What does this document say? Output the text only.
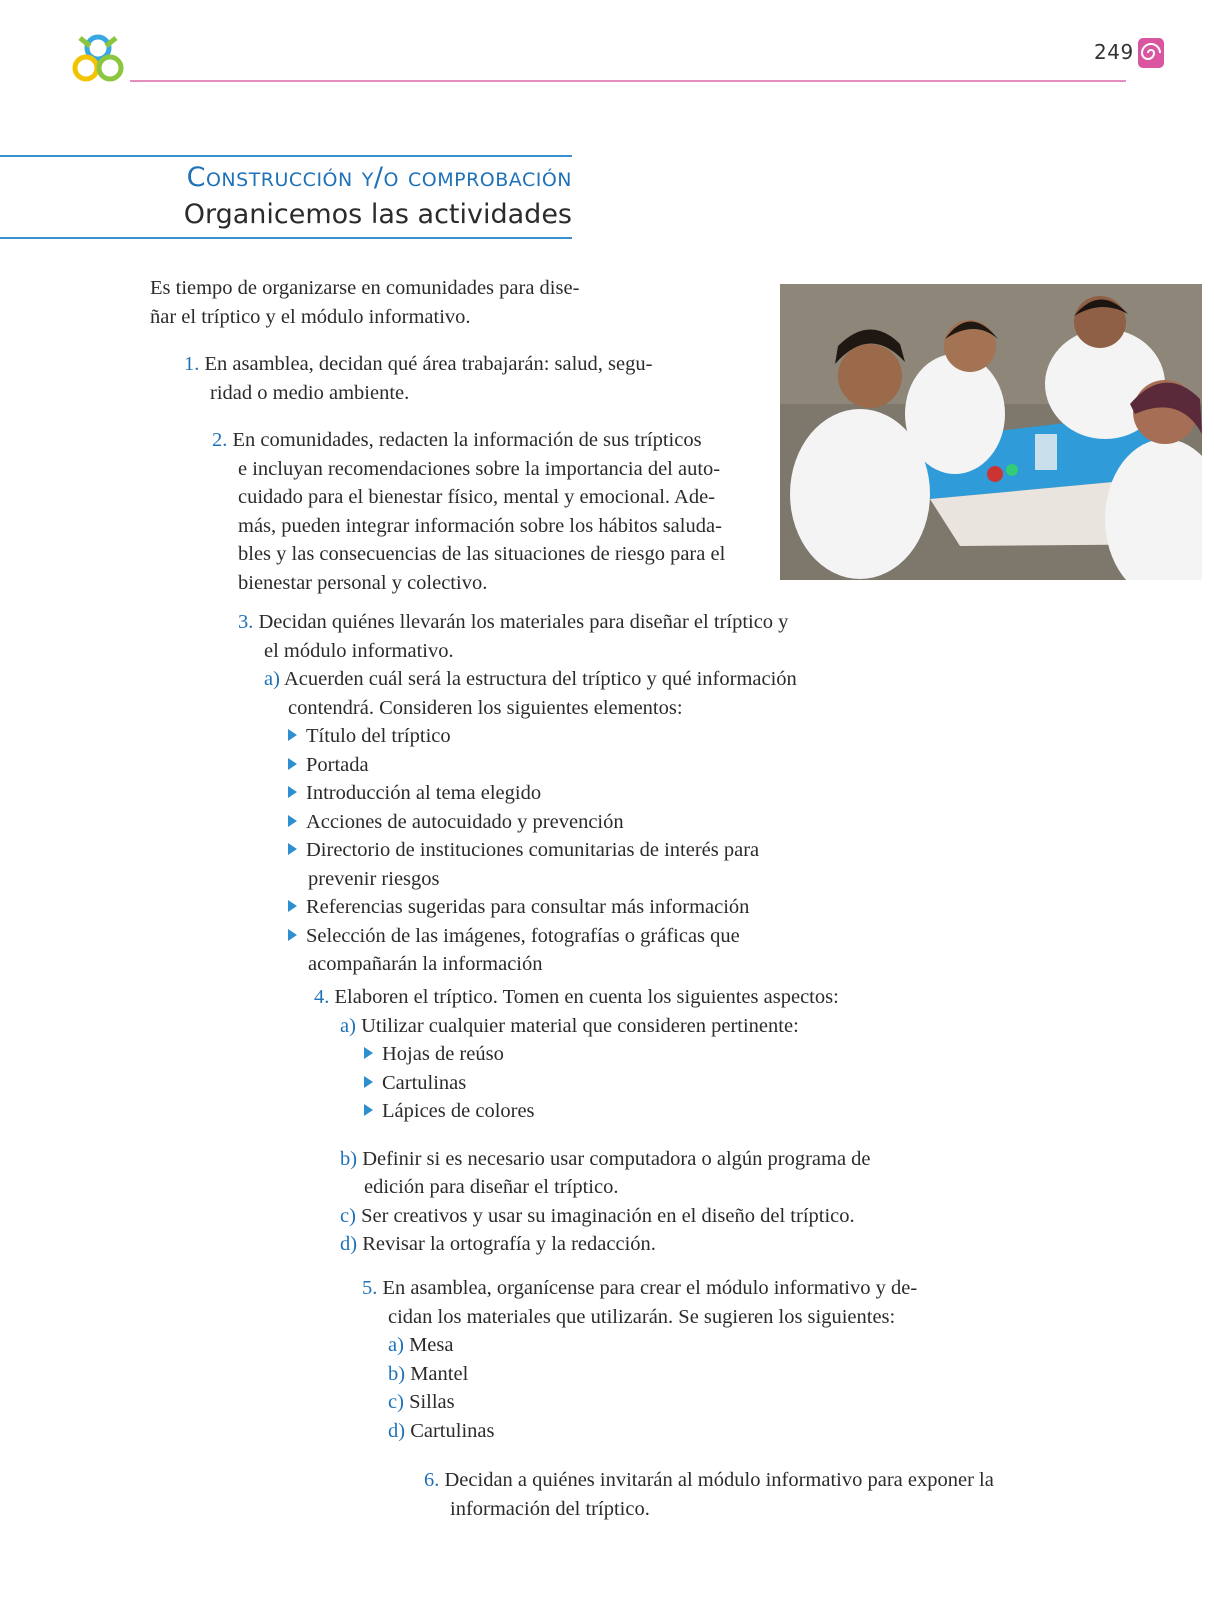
249
Construcción y/o comprobación
Organicemos las actividades
Es tiempo de organizarse en comunidades para dise-
ñar el tríptico y el módulo informativo.
1. En asamblea, decidan qué área trabajarán: salud, segu-
ridad o medio ambiente.
2. En comunidades, redacten la información de sus trípticos
e incluyan recomendaciones sobre la importancia del auto-
cuidado para el bienestar físico, mental y emocional. Ade-
más, pueden integrar información sobre los hábitos saluda-
bles y las consecuencias de las situaciones de riesgo para el
bienestar personal y colectivo.
3. Decidan quiénes llevarán los materiales para diseñar el tríptico y
el módulo informativo.
a) Acuerden cuál será la estructura del tríptico y qué información
contendrá. Consideren los siguientes elementos:
Título del tríptico
Portada
Introducción al tema elegido
Acciones de autocuidado y prevención
Directorio de instituciones comunitarias de interés para
prevenir riesgos
Referencias sugeridas para consultar más información
Selección de las imágenes, fotografías o gráficas que
acompañarán la información
4. Elaboren el tríptico. Tomen en cuenta los siguientes aspectos:
a) Utilizar cualquier material que consideren pertinente:
Hojas de reúso
Cartulinas
Lápices de colores
b) Definir si es necesario usar computadora o algún programa de
edición para diseñar el tríptico.
c) Ser creativos y usar su imaginación en el diseño del tríptico.
d) Revisar la ortografía y la redacción.
5. En asamblea, organícense para crear el módulo informativo y de-
cidan los materiales que utilizarán. Se sugieren los siguientes:
a) Mesa
b) Mantel
c) Sillas
d) Cartulinas
6. Decidan a quiénes invitarán al módulo informativo para exponer la
información del tríptico.
